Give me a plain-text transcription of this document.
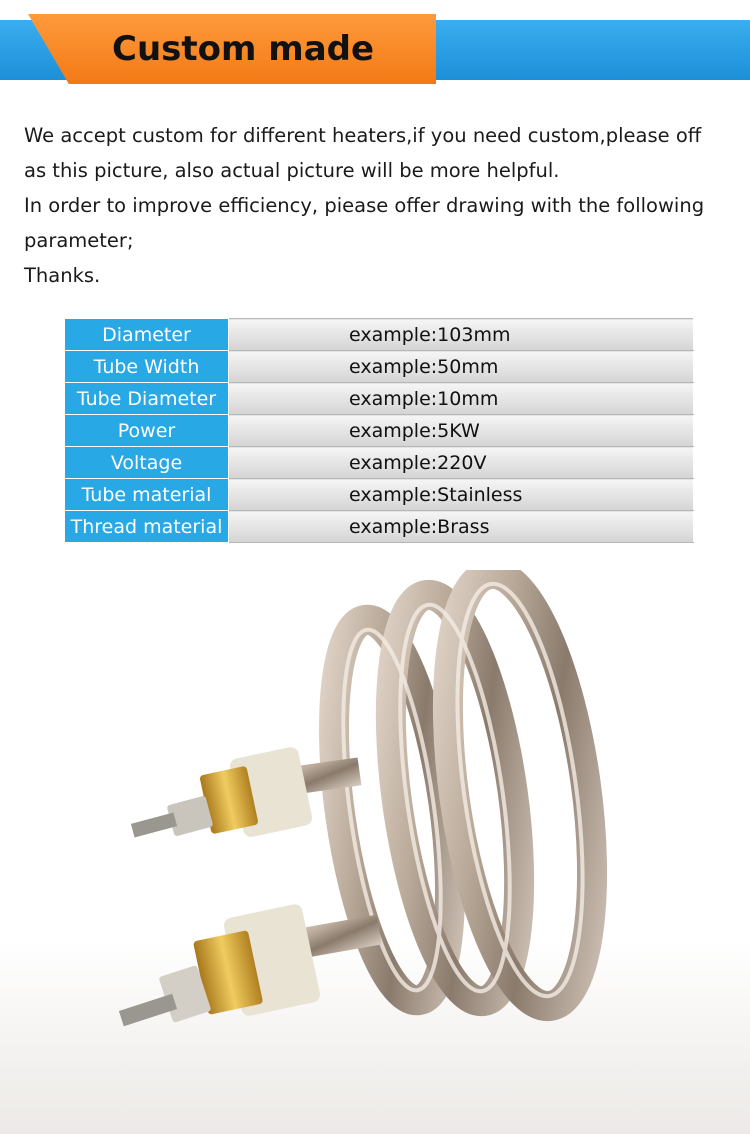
Custom made
We accept custom for different heaters,if you need custom,please off
as this picture, also actual picture will be more helpful.
In order to improve efficiency, piease offer drawing with the following
parameter;
Thanks.
Diameter	example:103mm
Tube Width	example:50mm
Tube Diameter	example:10mm
Power	example:5KW
Voltage	example:220V
Tube material	example:Stainless
Thread material	example:Brass
